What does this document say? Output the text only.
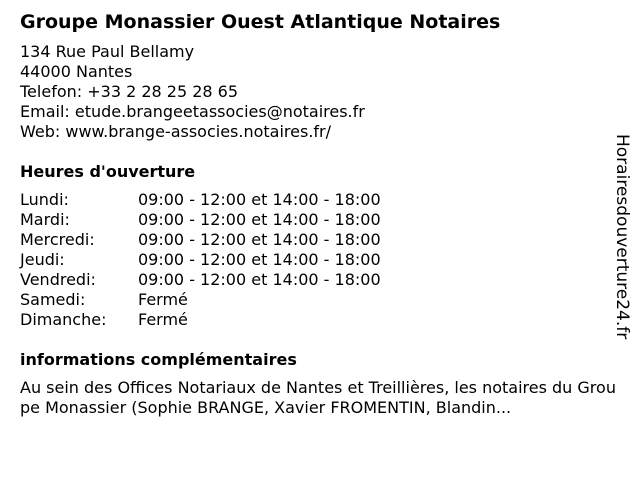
Groupe Monassier Ouest Atlantique Notaires
134 Rue Paul Bellamy
44000 Nantes
Telefon: +33 2 28 25 28 65
Email: etude.brangeetassocies@notaires.fr
Web: www.brange-associes.notaires.fr/
Heures d'ouverture
Lundi:	09:00 - 12:00 et 14:00 - 18:00
Mardi:	09:00 - 12:00 et 14:00 - 18:00
Mercredi:	09:00 - 12:00 et 14:00 - 18:00
Jeudi:	09:00 - 12:00 et 14:00 - 18:00
Vendredi:	09:00 - 12:00 et 14:00 - 18:00
Samedi:	Fermé
Dimanche:	Fermé
informations complémentaires
Au sein des Offices Notariaux de Nantes et Treillières, les notaires du Groupe Monassier (Sophie BRANGE, Xavier FROMENTIN, Blandin...
Horairesdouverture24.fr
